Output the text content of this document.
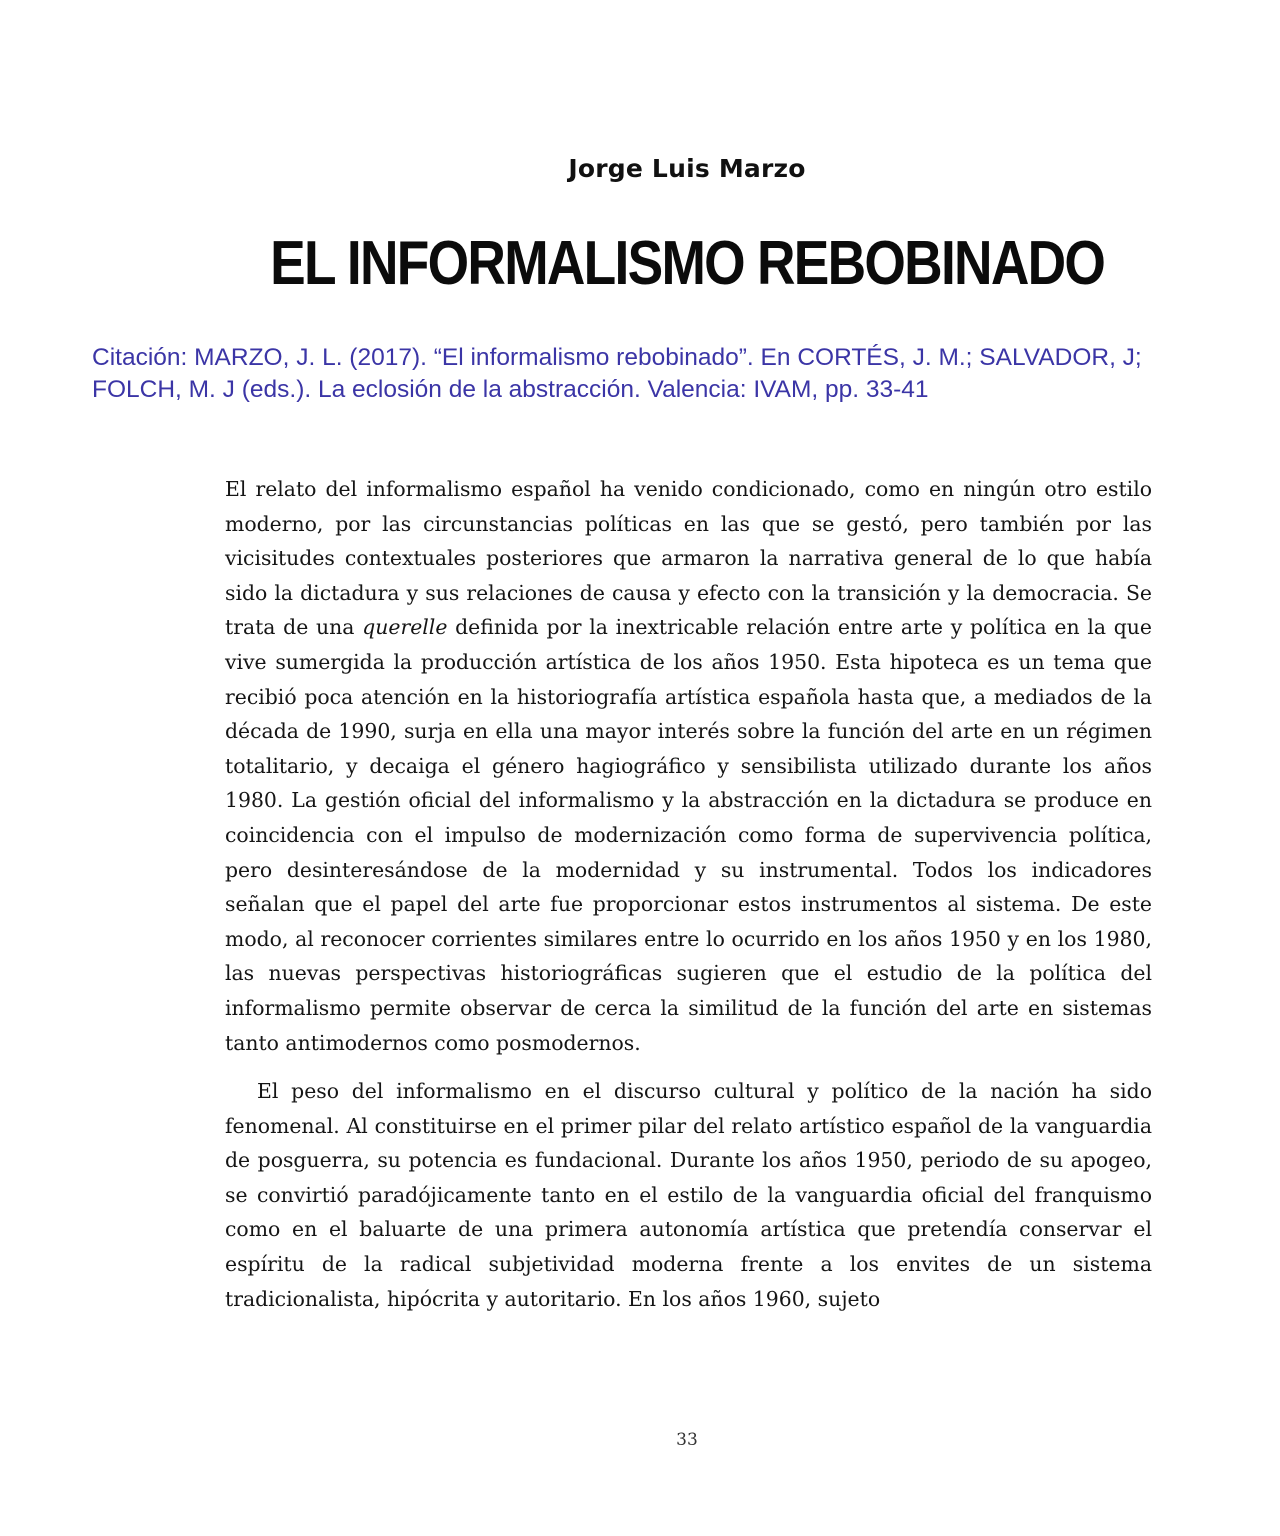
Jorge Luis Marzo
EL INFORMALISMO REBOBINADO

Citación: MARZO, J. L. (2017). “El informalismo rebobinado”. En CORTÉS, J. M.; SALVADOR, J;

FOLCH, M. J (eds.). La eclosión de la abstracción. Valencia: IVAM, pp. 33-41

El relato del informalismo español ha venido condicionado, como en ningún otro estilo moderno, por las circunstancias políticas en las que se gestó, pero también por las vicisitudes contextuales posteriores que armaron la narrativa general de lo que había sido la dictadura y sus relaciones de causa y efecto con la transición y la democracia. Se trata de una querelle definida por la inextricable relación entre arte y política en la que vive sumergida la producción artística de los años 1950. Esta hipoteca es un tema que recibió poca atención en la historiografía artística española hasta que, a mediados de la década de 1990, surja en ella una mayor interés sobre la función del arte en un régimen totalitario, y decaiga el género hagiográfico y sensibilista utilizado durante los años 1980. La gestión oficial del informalismo y la abstracción en la dictadura se produce en coincidencia con el impulso de modernización como forma de supervivencia política, pero desinteresándose de la modernidad y su instrumental. Todos los indicadores señalan que el papel del arte fue proporcionar estos instrumentos al sistema. De este modo, al reconocer corrientes similares entre lo ocurrido en los años 1950 y en los 1980, las nuevas perspectivas historiográficas sugieren que el estudio de la política del informalismo permite observar de cerca la similitud de la función del arte en sistemas tanto antimodernos como posmodernos.

El peso del informalismo en el discurso cultural y político de la nación ha sido fenomenal. Al constituirse en el primer pilar del relato artístico español de la vanguardia de posguerra, su potencia es fundacional. Durante los años 1950, periodo de su apogeo, se convirtió paradójicamente tanto en el estilo de la vanguardia oficial del franquismo como en el baluarte de una primera autonomía artística que pretendía conservar el espíritu de la radical subjetividad moderna frente a los envites de un sistema tradicionalista, hipócrita y autoritario. En los años 1960, sujeto

33
